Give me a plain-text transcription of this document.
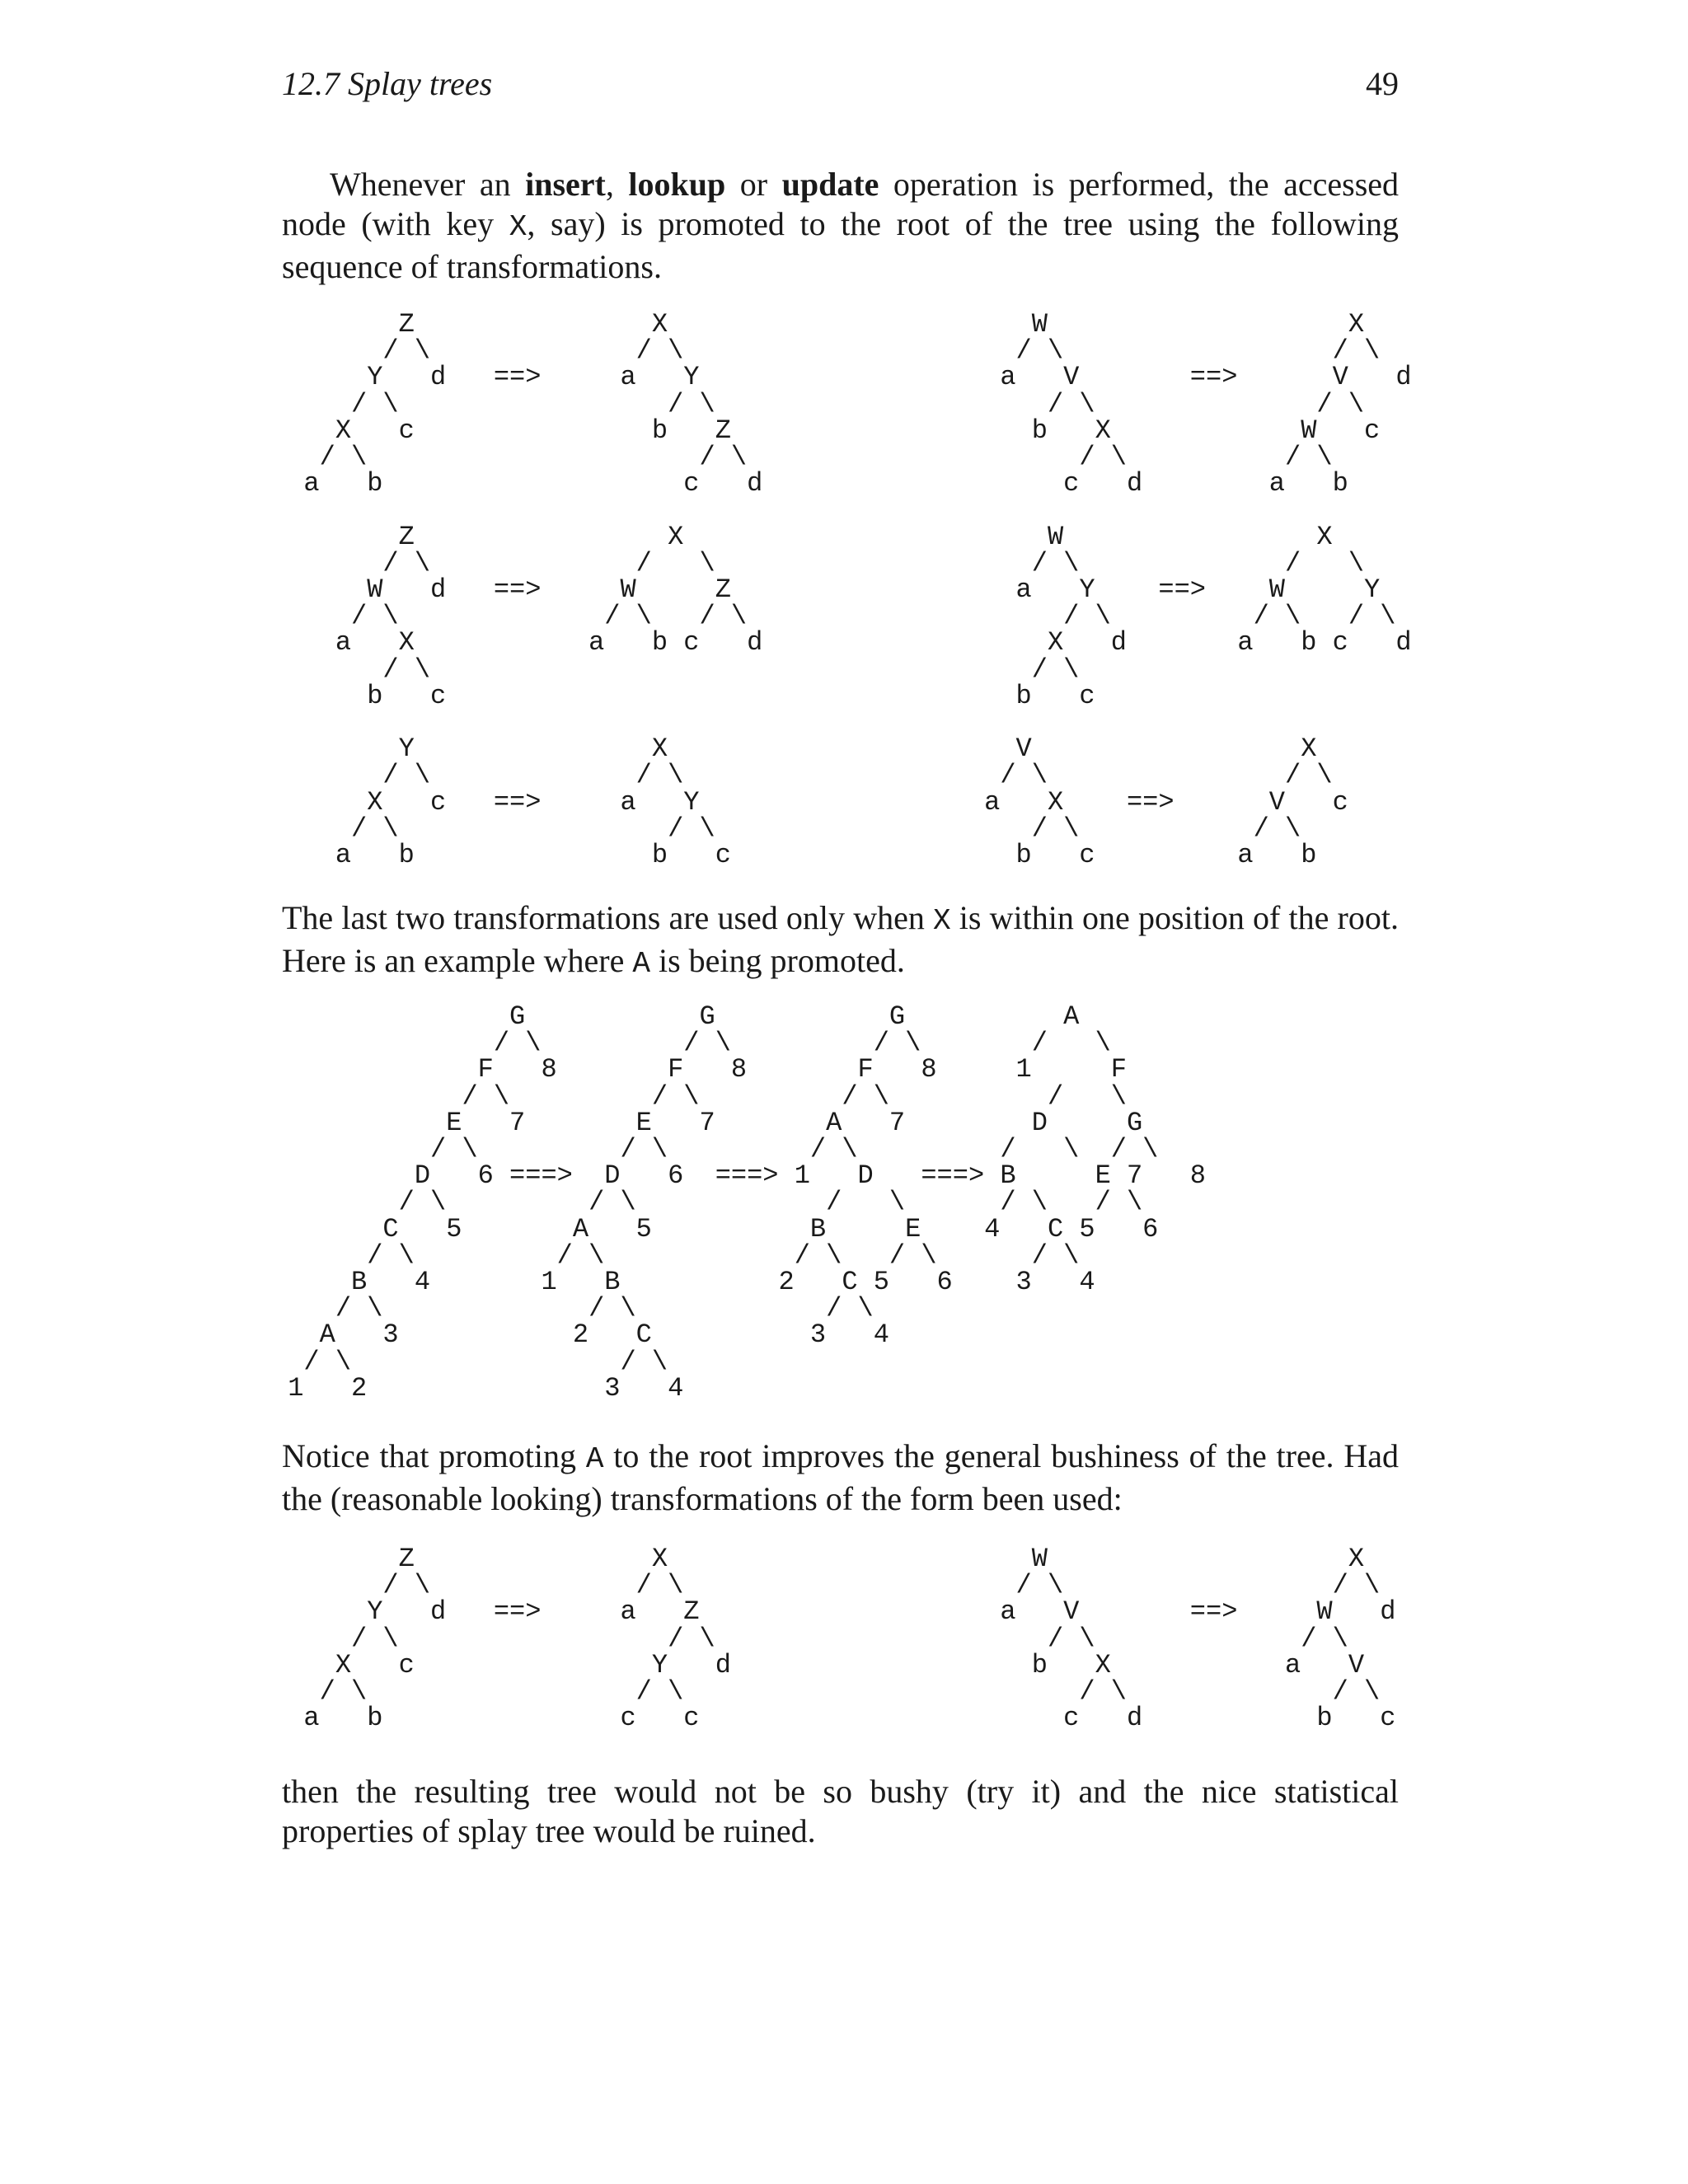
12.7 Splay trees	49

Whenever an insert, lookup or update operation is performed, the accessed node (with key X, say) is promoted to the root of the tree using the following sequence of transformations.

Z               X                       W                   X
/ \             / \                     / \                 / \
Y   d   ==>     a   Y                   a   V       ==>      V   d
/ \                 / \                     / \              / \
X   c               b   Z                   b   X            W   c
/ \                     / \                     / \          / \
a   b                   c   d                   c   d        a   b

Z                X                       W                X
/ \             /   \                    / \             /   \
W   d   ==>     W     Z                  a   Y    ==>    W     Y
/ \             / \   / \                    / \         / \   / \
a   X           a   b c   d                  X   d       a   b c   d
/ \                                      / \
b   c                                    b   c

Y               X                      V                 X
/ \             / \                    / \               / \
X   c   ==>     a   Y                  a   X    ==>      V   c
/ \                 / \                    / \           / \
a   b               b   c                  b   c         a   b

The last two transformations are used only when X is within one position of the root. Here is an example where A is being promoted.

G           G           G          A
/ \         / \         / \       /   \
F   8       F   8       F   8     1     F
/ \         / \         / \          /   \
E   7       E   7       A   7        D     G
/ \         / \         / \         /   \  / \
D   6 ===>  D   6  ===> 1   D   ===> B     E 7   8
/ \         / \            /   \      / \   / \
C   5       A   5          B     E    4   C 5   6
/ \         / \            / \   / \      / \
B   4       1   B          2   C 5   6    3   4
/ \             / \            / \
A   3           2   C          3   4
/ \                 / \
1   2               3   4

Notice that promoting A to the root improves the general bushiness of the tree. Had the (reasonable looking) transformations of the form been used:

Z               X                       W                   X
/ \             / \                     / \                 / \
Y   d   ==>     a   Z                   a   V       ==>     W   d
/ \                 / \                     / \             / \
X   c               Y   d                   b   X           a   V
/ \                 / \                         / \             / \
a   b               c   c                       c   d           b   c

then the resulting tree would not be so bushy (try it) and the nice statistical properties of splay tree would be ruined.
